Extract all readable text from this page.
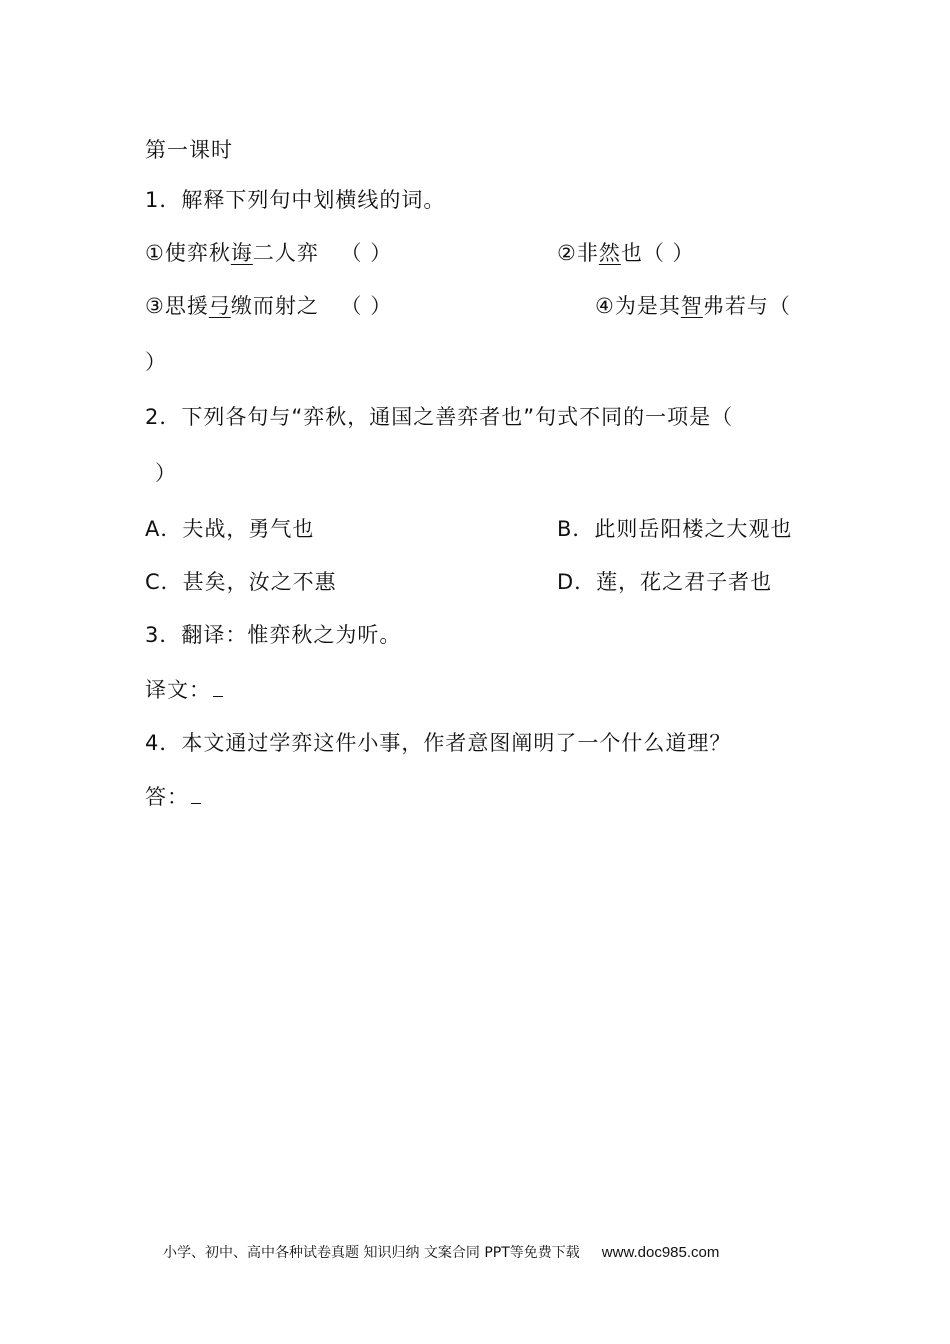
第一课时
1．解释下列句中划横线的词。
①使弈秋诲二人弈 （ ）	②非然也（ ）
③思援弓缴而射之 （ ）	④为是其智弗若与（
）
2．下列各句与“弈秋，通国之善弈者也”句式不同的一项是（
）
A．夫战，勇气也	B．此则岳阳楼之大观也
C．甚矣，汝之不惠	D．莲，花之君子者也
3．翻译：惟弈秋之为听。
译文：
4．本文通过学弈这件小事，作者意图阐明了一个什么道理？
答：
小学、初中、高中各种试卷真题 知识归纳 文案合同 PPT等免费下载 www.doc985.com
